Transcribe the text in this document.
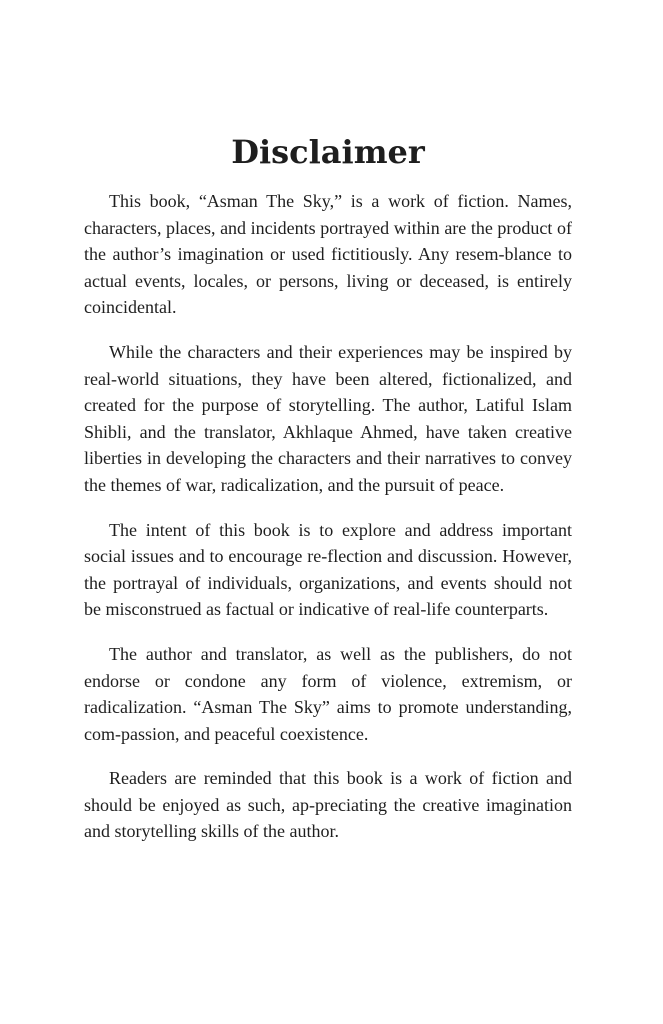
Disclaimer

This book, “Asman The Sky,” is a work of fiction. Names, characters, places, and incidents portrayed within are the product of the author’s imagination or used fictitiously. Any resem-blance to actual events, locales, or persons, living or deceased, is entirely coincidental.

While the characters and their experiences may be inspired by real-world situations, they have been altered, fictionalized, and created for the purpose of storytelling. The author, Latiful Islam Shibli, and the translator, Akhlaque Ahmed, have taken creative liberties in developing the characters and their narratives to convey the themes of war, radicalization, and the pursuit of peace.

The intent of this book is to explore and address important social issues and to encourage re-flection and discussion. However, the portrayal of individuals, organizations, and events should not be misconstrued as factual or indicative of real-life counterparts.

The author and translator, as well as the publishers, do not endorse or condone any form of violence, extremism, or radicalization. “Asman The Sky” aims to promote understanding, com-passion, and peaceful coexistence.

Readers are reminded that this book is a work of fiction and should be enjoyed as such, ap-preciating the creative imagination and storytelling skills of the author.
